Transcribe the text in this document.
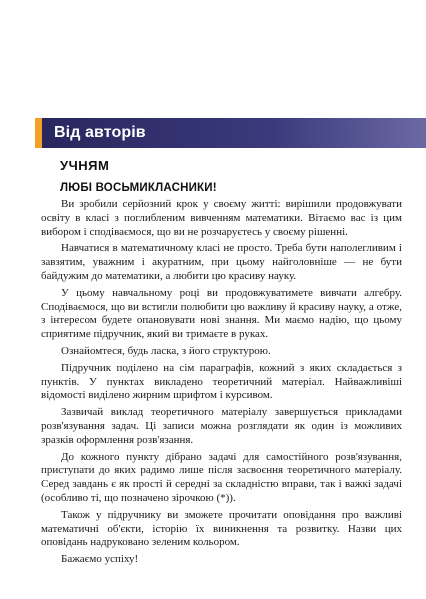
Від авторів
УЧНЯМ
ЛЮБІ ВОСЬМИКЛАСНИКИ!

Ви зробили серйозний крок у своєму житті: вирішили продовжувати освіту в класі з поглибленим вивченням математики. Вітаємо вас із цим вибором і сподіваємося, що ви не розчаруєтесь у своєму рішенні.

Навчатися в математичному класі не просто. Треба бути наполегливим і завзятим, уважним і акуратним, при цьому найголовніше — не бути байдужим до математики, а любити цю красиву науку.

У цьому навчальному році ви продовжуватимете вивчати алгебру. Сподіваємося, що ви встигли полюбити цю важливу й красиву науку, а отже, з інтересом будете опановувати нові знання. Ми маємо надію, що цьому сприятиме підручник, який ви тримаєте в руках.

Ознайомтеся, будь ласка, з його структурою.

Підручник поділено на сім параграфів, кожний з яких складається з пунктів. У пунктах викладено теоретичний матеріал. Найважливіші відомості виділено жирним шрифтом і курсивом.

Зазвичай виклад теоретичного матеріалу завершується прикладами розв'язування задач. Ці записи можна розглядати як один із можливих зразків оформлення розв'язання.

До кожного пункту дібрано задачі для самостійного розв'язування, приступати до яких радимо лише після засвоєння теоретичного матеріалу. Серед завдань є як прості й середні за складністю вправи, так і важкі задачі (особливо ті, що позначено зірочкою (*)).

Також у підручнику ви зможете прочитати оповідання про важливі математичні об'єкти, історію їх виникнення та розвитку. Назви цих оповідань надруковано зеленим кольором.

Бажаємо успіху!
